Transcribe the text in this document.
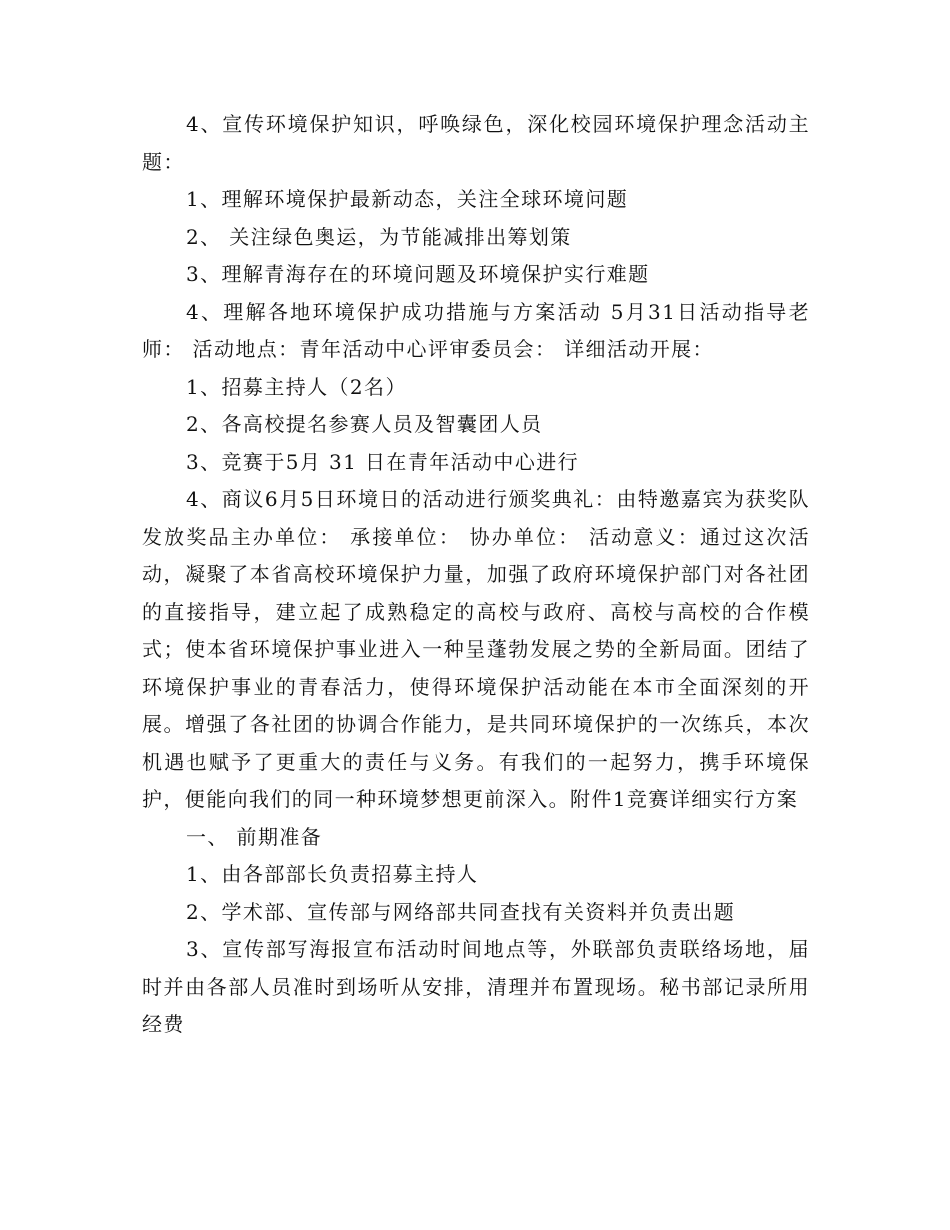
4、宣传环境保护知识，呼唤绿色，深化校园环境保护理念活动主题：

1、理解环境保护最新动态，关注全球环境问题

2、 关注绿色奥运，为节能减排出筹划策

3、理解青海存在的环境问题及环境保护实行难题

4、理解各地环境保护成功措施与方案活动 5月31日活动指导老师： 活动地点：青年活动中心评审委员会： 详细活动开展：

1、招募主持人（2名）

2、各高校提名参赛人员及智囊团人员

3、竞赛于5月 31 日在青年活动中心进行

4、商议6月5日环境日的活动进行颁奖典礼：由特邀嘉宾为获奖队发放奖品主办单位： 承接单位： 协办单位： 活动意义：通过这次活动，凝聚了本省高校环境保护力量，加强了政府环境保护部门对各社团的直接指导，建立起了成熟稳定的高校与政府、高校与高校的合作模式；使本省环境保护事业进入一种呈蓬勃发展之势的全新局面。团结了环境保护事业的青春活力，使得环境保护活动能在本市全面深刻的开展。增强了各社团的协调合作能力，是共同环境保护的一次练兵，本次机遇也赋予了更重大的责任与义务。有我们的一起努力，携手环境保护，便能向我们的同一种环境梦想更前深入。附件1竞赛详细实行方案

一、 前期准备

1、由各部部长负责招募主持人

2、学术部、宣传部与网络部共同查找有关资料并负责出题

3、宣传部写海报宣布活动时间地点等，外联部负责联络场地，届时并由各部人员准时到场听从安排，清理并布置现场。秘书部记录所用经费
